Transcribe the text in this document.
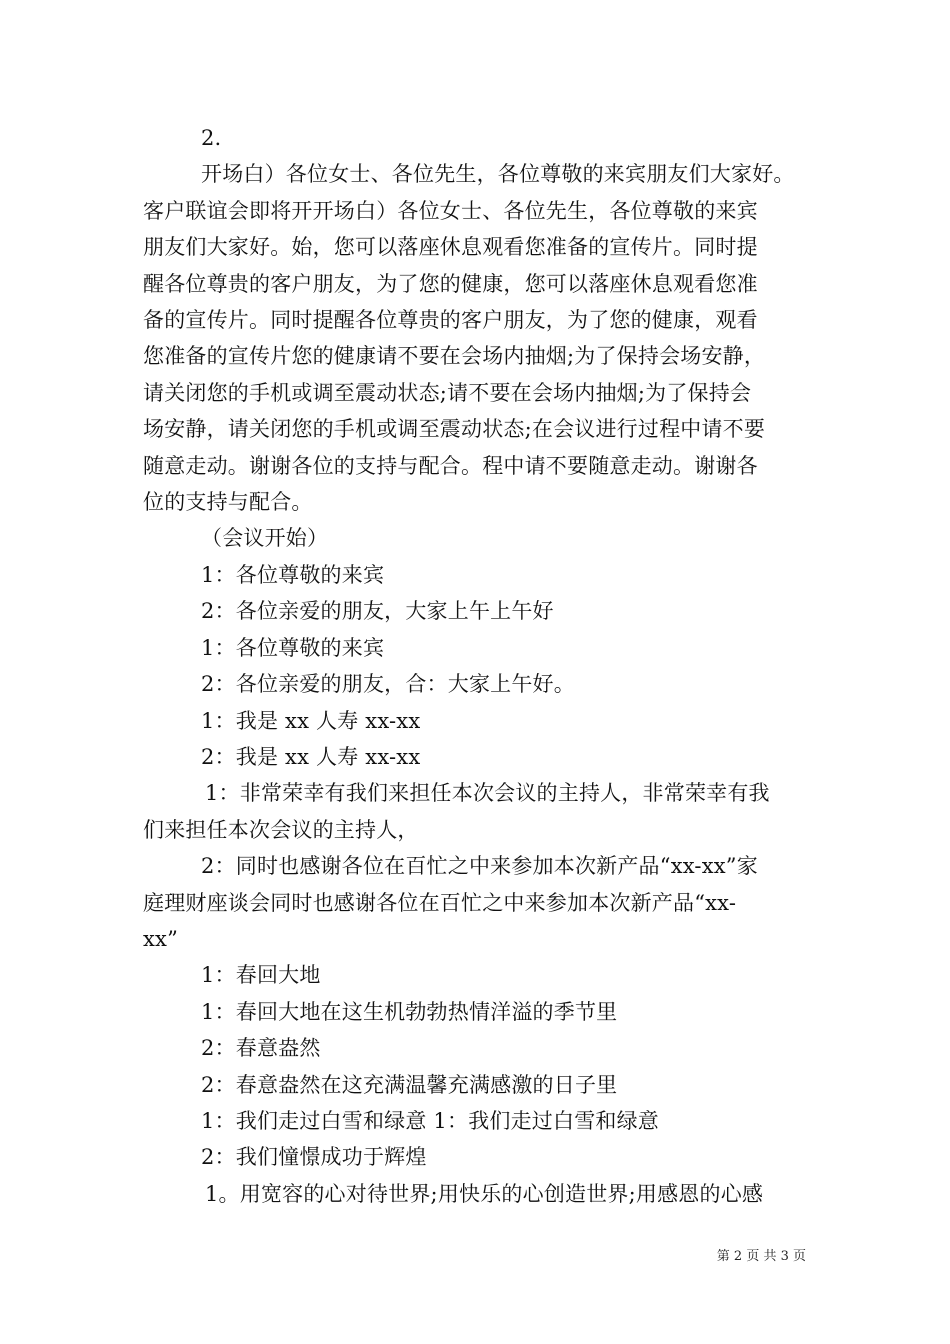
2.
开场白）各位女士、各位先生，各位尊敬的来宾朋友们大家好。
客户联谊会即将开开场白）各位女士、各位先生，各位尊敬的来宾
朋友们大家好。始，您可以落座休息观看您准备的宣传片。同时提
醒各位尊贵的客户朋友，为了您的健康，您可以落座休息观看您准
备的宣传片。同时提醒各位尊贵的客户朋友，为了您的健康，观看
您准备的宣传片您的健康请不要在会场内抽烟;为了保持会场安静，
请关闭您的手机或调至震动状态;请不要在会场内抽烟;为了保持会
场安静，请关闭您的手机或调至震动状态;在会议进行过程中请不要
随意走动。谢谢各位的支持与配合。程中请不要随意走动。谢谢各
位的支持与配合。
（会议开始）
1：各位尊敬的来宾
2：各位亲爱的朋友，大家上午上午好
1：各位尊敬的来宾
2：各位亲爱的朋友，合：大家上午好。
1：我是 xx 人寿 xx-xx
2：我是 xx 人寿 xx-xx
1：非常荣幸有我们来担任本次会议的主持人，非常荣幸有我
们来担任本次会议的主持人，
2：同时也感谢各位在百忙之中来参加本次新产品“xx-xx”家
庭理财座谈会同时也感谢各位在百忙之中来参加本次新产品“xx-
xx”
1：春回大地
1：春回大地在这生机勃勃热情洋溢的季节里
2：春意盎然
2：春意盎然在这充满温馨充满感激的日子里
1：我们走过白雪和绿意 1：我们走过白雪和绿意
2：我们憧憬成功于辉煌
1。用宽容的心对待世界;用快乐的心创造世界;用感恩的心感
第 2 页 共 3 页
